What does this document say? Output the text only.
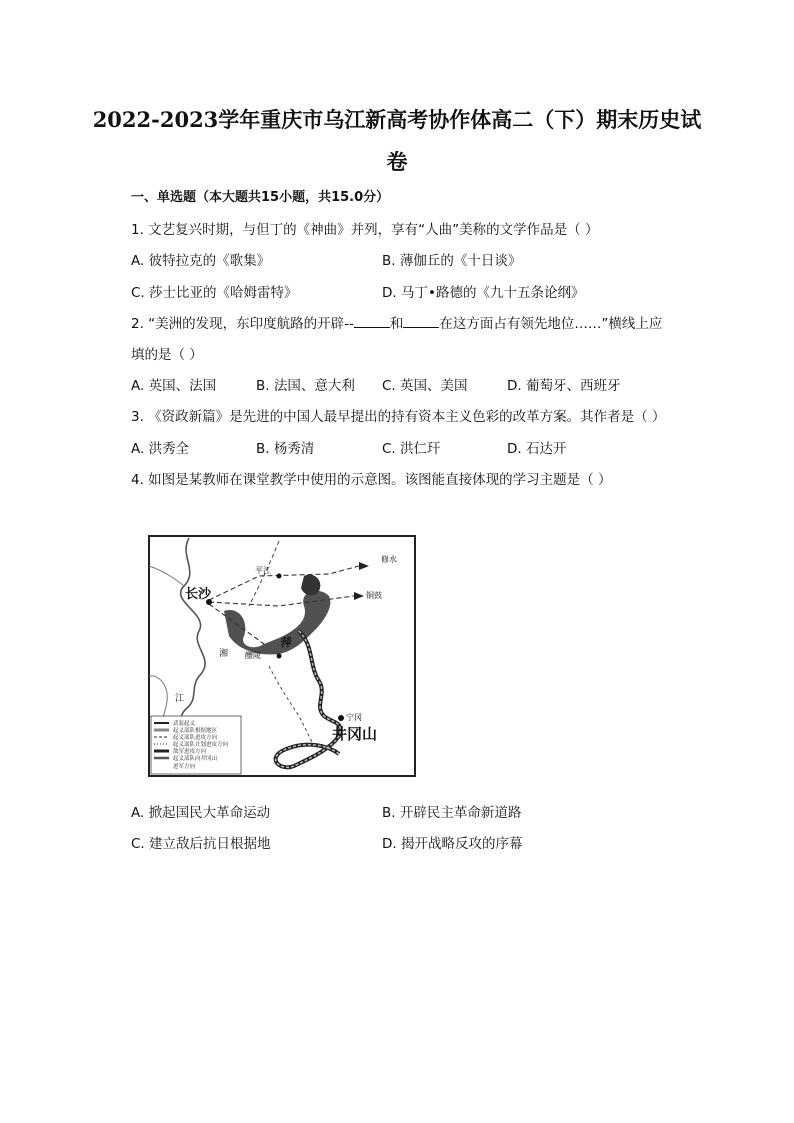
2022-2023学年重庆市乌江新高考协作体高二（下）期末历史试
卷
一、单选题（本大题共15小题，共15.0分）
1. 文艺复兴时期，与但丁的《神曲》并列，享有“人曲”美称的文学作品是（ ）
A. 彼特拉克的《歌集》	B. 薄伽丘的《十日谈》
C. 莎士比亚的《哈姆雷特》	D. 马丁•路德的《九十五条论纲》
2. “美洲的发现，东印度航路的开辟--	和	在这方面占有领先地位……”横线上应
填的是（ ）
A. 英国、法国	B. 法国、意大利 C. 英国、美国	D. 葡萄牙、西班牙
3. 《资政新篇》是先进的中国人最早提出的持有资本主义色彩的改革方案。其作者是（ ）
A. 洪秀全	B. 杨秀清	C. 洪仁玕	D. 石达开
4. 如图是某教师在课堂教学中使用的示意图。该图能直接体现的学习主题是（ ）
长沙
平江
修水
铜鼓
湘
江
醴陵
萍
宁冈
井冈山
武装起义
起义部队根据地区
起义部队进攻方向
起义部队计划进攻方向
敌军进攻方向
起义部队向井冈山
进军方向
A. 掀起国民大革命运动	B. 开辟民主革命新道路
C. 建立敌后抗日根据地	D. 揭开战略反攻的序幕
